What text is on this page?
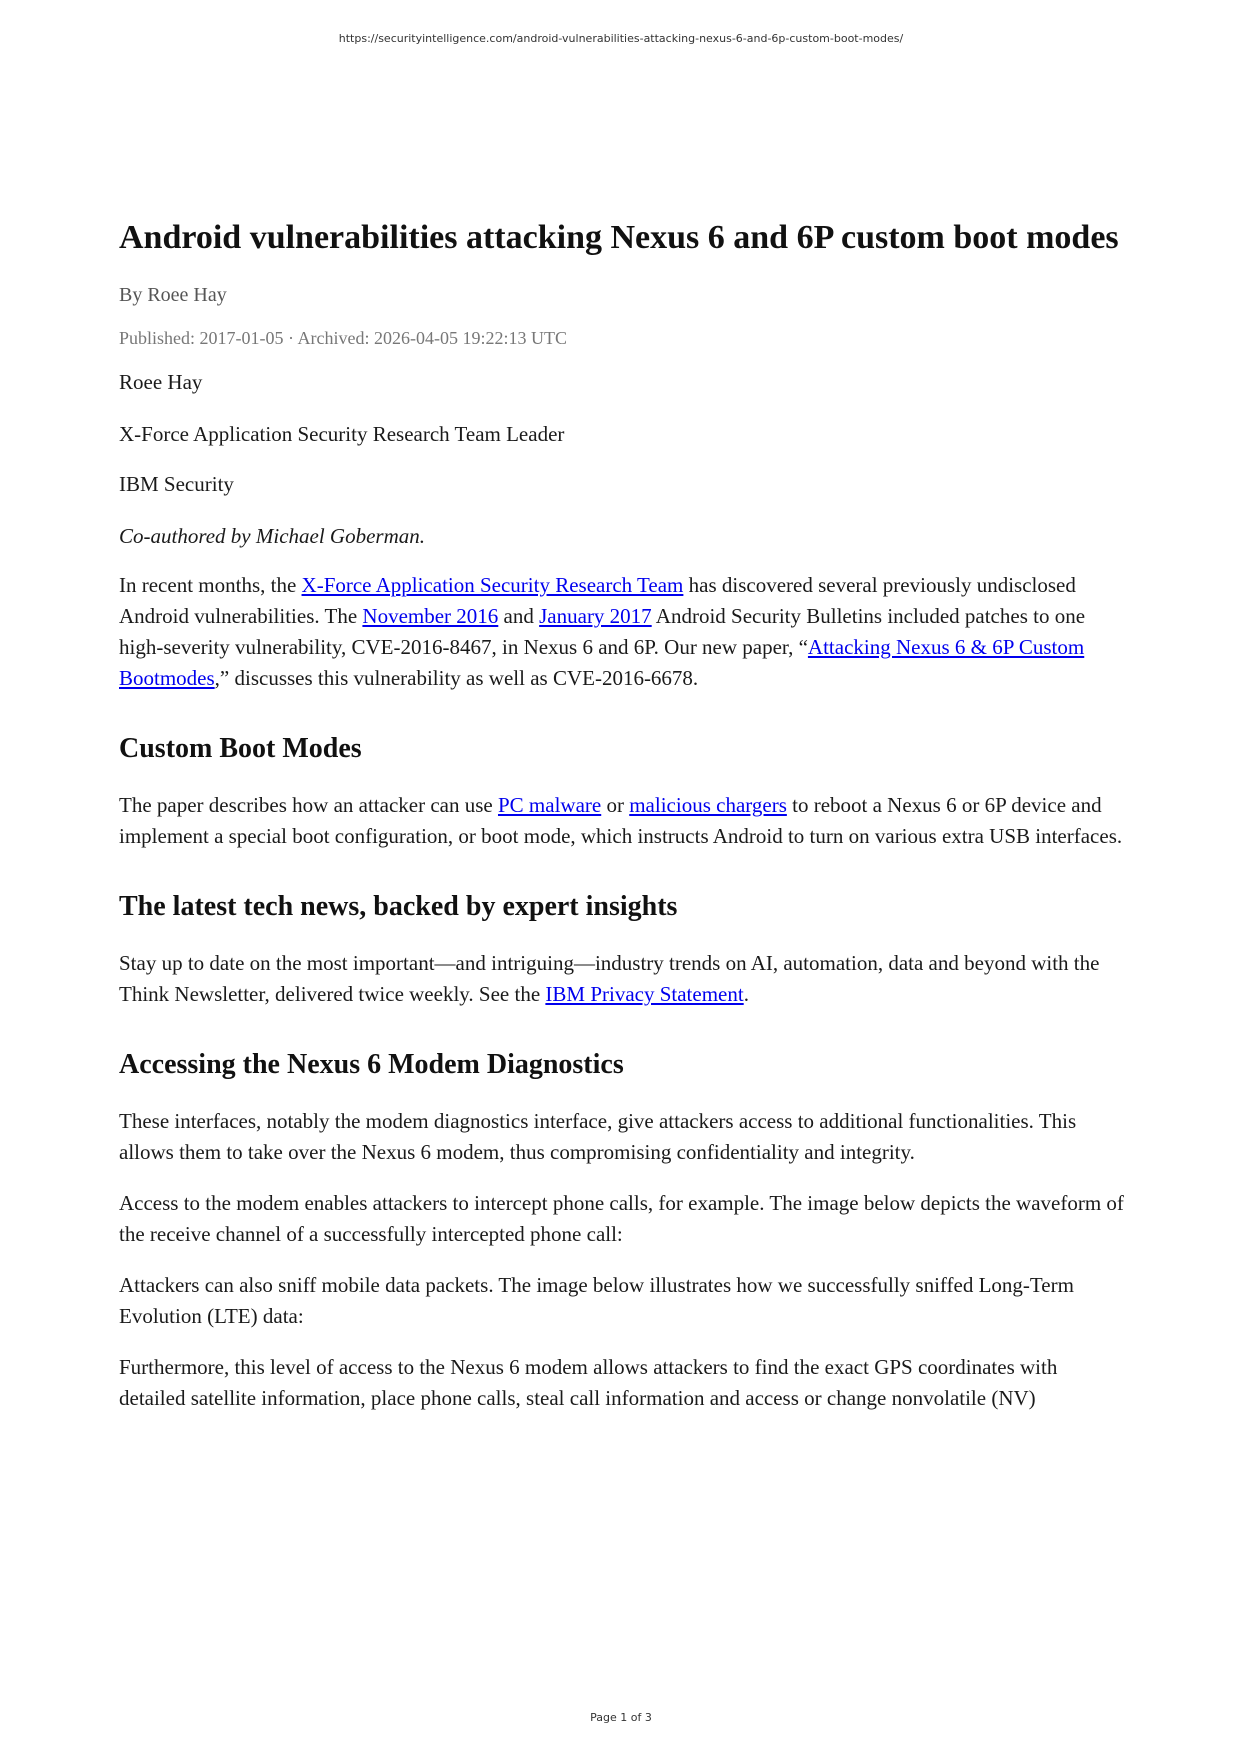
https://securityintelligence.com/android-vulnerabilities-attacking-nexus-6-and-6p-custom-boot-modes/
Android vulnerabilities attacking Nexus 6 and 6P custom boot modes
By Roee Hay
Published: 2017-01-05 · Archived: 2026-04-05 19:22:13 UTC

Roee Hay

X-Force Application Security Research Team Leader

IBM Security

Co-authored by Michael Goberman.

In recent months, the X-Force Application Security Research Team has discovered several previously undisclosed Android vulnerabilities. The November 2016 and January 2017 Android Security Bulletins included patches to one high-severity vulnerability, CVE-2016-8467, in Nexus 6 and 6P. Our new paper, “Attacking Nexus 6 & 6P Custom Bootmodes,” discusses this vulnerability as well as CVE-2016-6678.

Custom Boot Modes

The paper describes how an attacker can use PC malware or malicious chargers to reboot a Nexus 6 or 6P device and implement a special boot configuration, or boot mode, which instructs Android to turn on various extra USB interfaces.

The latest tech news, backed by expert insights

Stay up to date on the most important—and intriguing—industry trends on AI, automation, data and beyond with the Think Newsletter, delivered twice weekly. See the IBM Privacy Statement.

Accessing the Nexus 6 Modem Diagnostics

These interfaces, notably the modem diagnostics interface, give attackers access to additional functionalities. This allows them to take over the Nexus 6 modem, thus compromising confidentiality and integrity.

Access to the modem enables attackers to intercept phone calls, for example. The image below depicts the waveform of the receive channel of a successfully intercepted phone call:

Attackers can also sniff mobile data packets. The image below illustrates how we successfully sniffed Long-Term Evolution (LTE) data:

Furthermore, this level of access to the Nexus 6 modem allows attackers to find the exact GPS coordinates with detailed satellite information, place phone calls, steal call information and access or change nonvolatile (NV)

Page 1 of 3
